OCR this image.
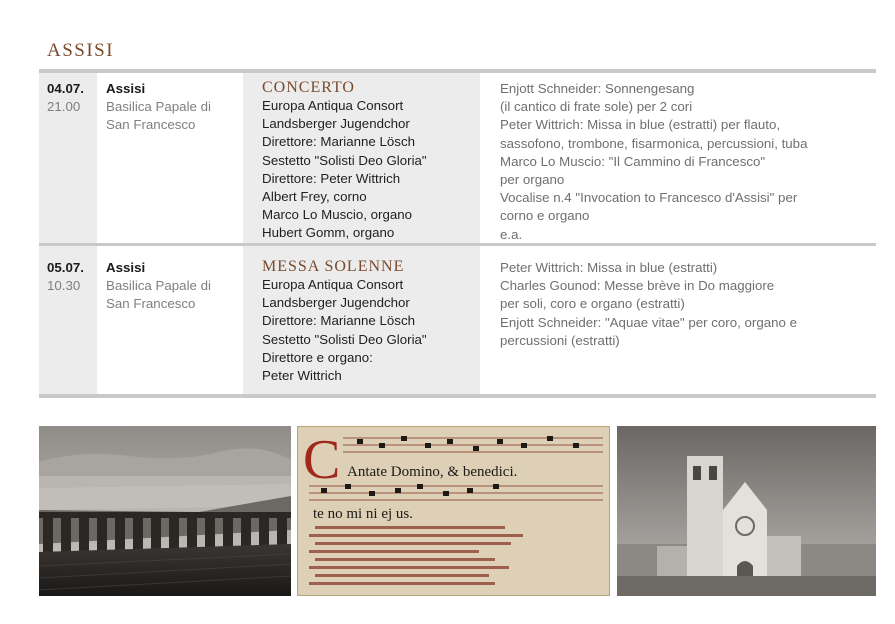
ASSISI
04.07.
21.00
Assisi
Basilica Papale di
San Francesco
CONCERTO
Europa Antiqua Consort
Landsberger Jugendchor
Direttore: Marianne Lösch
Sestetto "Solisti Deo Gloria"
Direttore: Peter Wittrich
Albert Frey, corno
Marco Lo Muscio, organo
Hubert Gomm, organo
Enjott Schneider: Sonnengesang
(il cantico di frate sole) per 2 cori
Peter Wittrich: Missa in blue (estratti) per flauto,
sassofono, trombone, fisarmonica, percussioni, tuba
Marco Lo Muscio: "Il Cammino di Francesco"
per organo
Vocalise n.4 "Invocation to Francesco d'Assisi" per
corno e organo
e.a.
05.07.
10.30
Assisi
Basilica Papale di
San Francesco
MESSA SOLENNE
Europa Antiqua Consort
Landsberger Jugendchor
Direttore: Marianne Lösch
Sestetto "Solisti Deo Gloria"
Direttore e organo:
Peter Wittrich
Peter Wittrich: Missa in blue (estratti)
Charles Gounod: Messe brève in Do maggiore
per soli, coro e organo (estratti)
Enjott Schneider: "Aquae vitae" per coro, organo e
percussioni (estratti)
C Antate Domino, & benedici.
te no mi ni ej us.
